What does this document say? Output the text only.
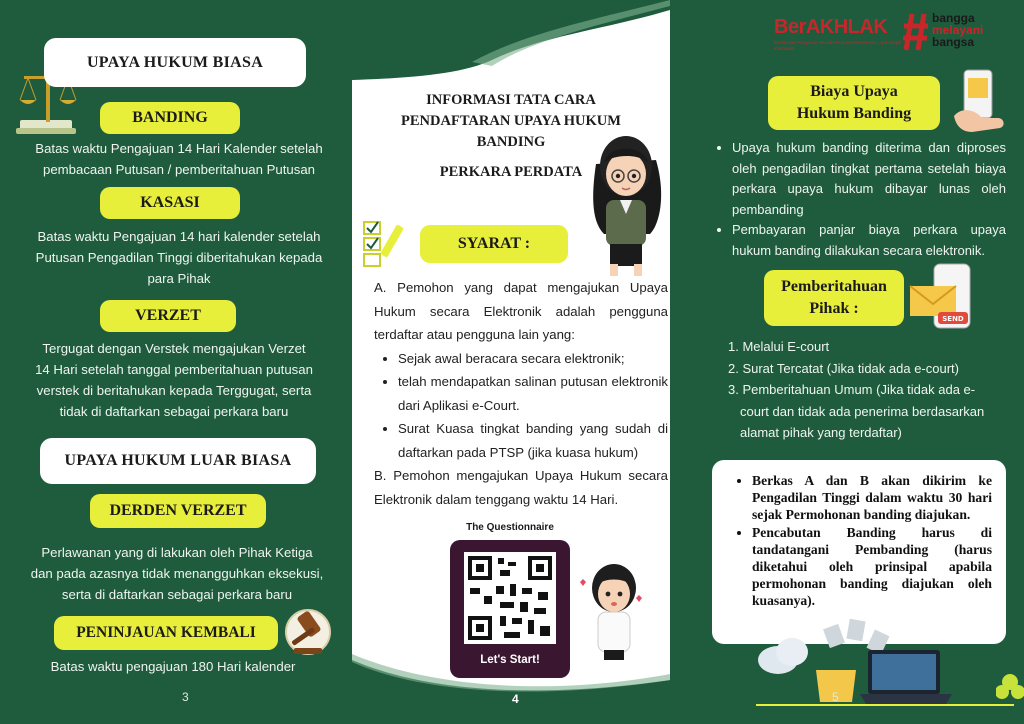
UPAYA HUKUM BIASA
BANDING
Batas waktu Pengajuan 14 Hari Kalender setelah
pembacaan Putusan / pemberitahuan Putusan
KASASI
Batas waktu Pengajuan 14 hari kalender setelah
Putusan Pengadilan Tinggi diberitahukan kepada
para Pihak
VERZET
Tergugat dengan Verstek mengajukan Verzet
14 Hari setelah tanggal pemberitahuan putusan
verstek di beritahukan kepada Terggugat, serta
tidak di daftarkan sebagai perkara baru
UPAYA HUKUM LUAR BIASA
DERDEN VERZET
Perlawanan yang di lakukan oleh Pihak Ketiga
dan pada azasnya tidak menangguhkan eksekusi,
serta di daftarkan sebagai perkara baru
PENINJAUAN KEMBALI
Batas waktu pengajuan 180 Hari kalender
3
INFORMASI TATA CARA
PENDAFTARAN UPAYA HUKUM
BANDING
PERKARA PERDATA
SYARAT :

A. Pemohon yang dapat mengajukan Upaya Hukum secara Elektronik adalah pengguna terdaftar atau pengguna lain yang:

• Sejak awal beracara secara elektronik;
• telah mendapatkan salinan putusan elektronik dari Aplikasi e-Court.
• Surat Kuasa tingkat banding yang sudah di daftarkan pada PTSP (jika kuasa hukum)

B. Pemohon mengajukan Upaya Hukum secara Elektronik dalam tenggang waktu 14 Hari.

The Questionnaire
Let's Start!
4
BerAKHLAK
Berorientasi Pelayanan Akuntabel Kompeten Harmonis Loyal Adaptif Kolaboratif
bangga
melayani
bangsa
Biaya Upaya
Hukum Banding
• Upaya hukum banding diterima dan diproses oleh pengadilan tingkat pertama setelah biaya perkara upaya hukum dibayar lunas oleh pembanding
• Pembayaran panjar biaya perkara upaya hukum banding dilakukan secara elektronik.
Pemberitahuan
Pihak :
SEND
1. Melalui E-court
2. Surat Tercatat (Jika tidak ada e-court)
3. Pemberitahuan Umum (Jika tidak ada e-
court dan tidak ada penerima berdasarkan
alamat pihak yang terdaftar)
• Berkas A dan B akan dikirim ke Pengadilan Tinggi dalam waktu 30 hari sejak Permohonan banding diajukan.
• Pencabutan Banding harus di tandatangani Pembanding (harus diketahui oleh prinsipal apabila permohonan banding diajukan oleh kuasanya).
5
